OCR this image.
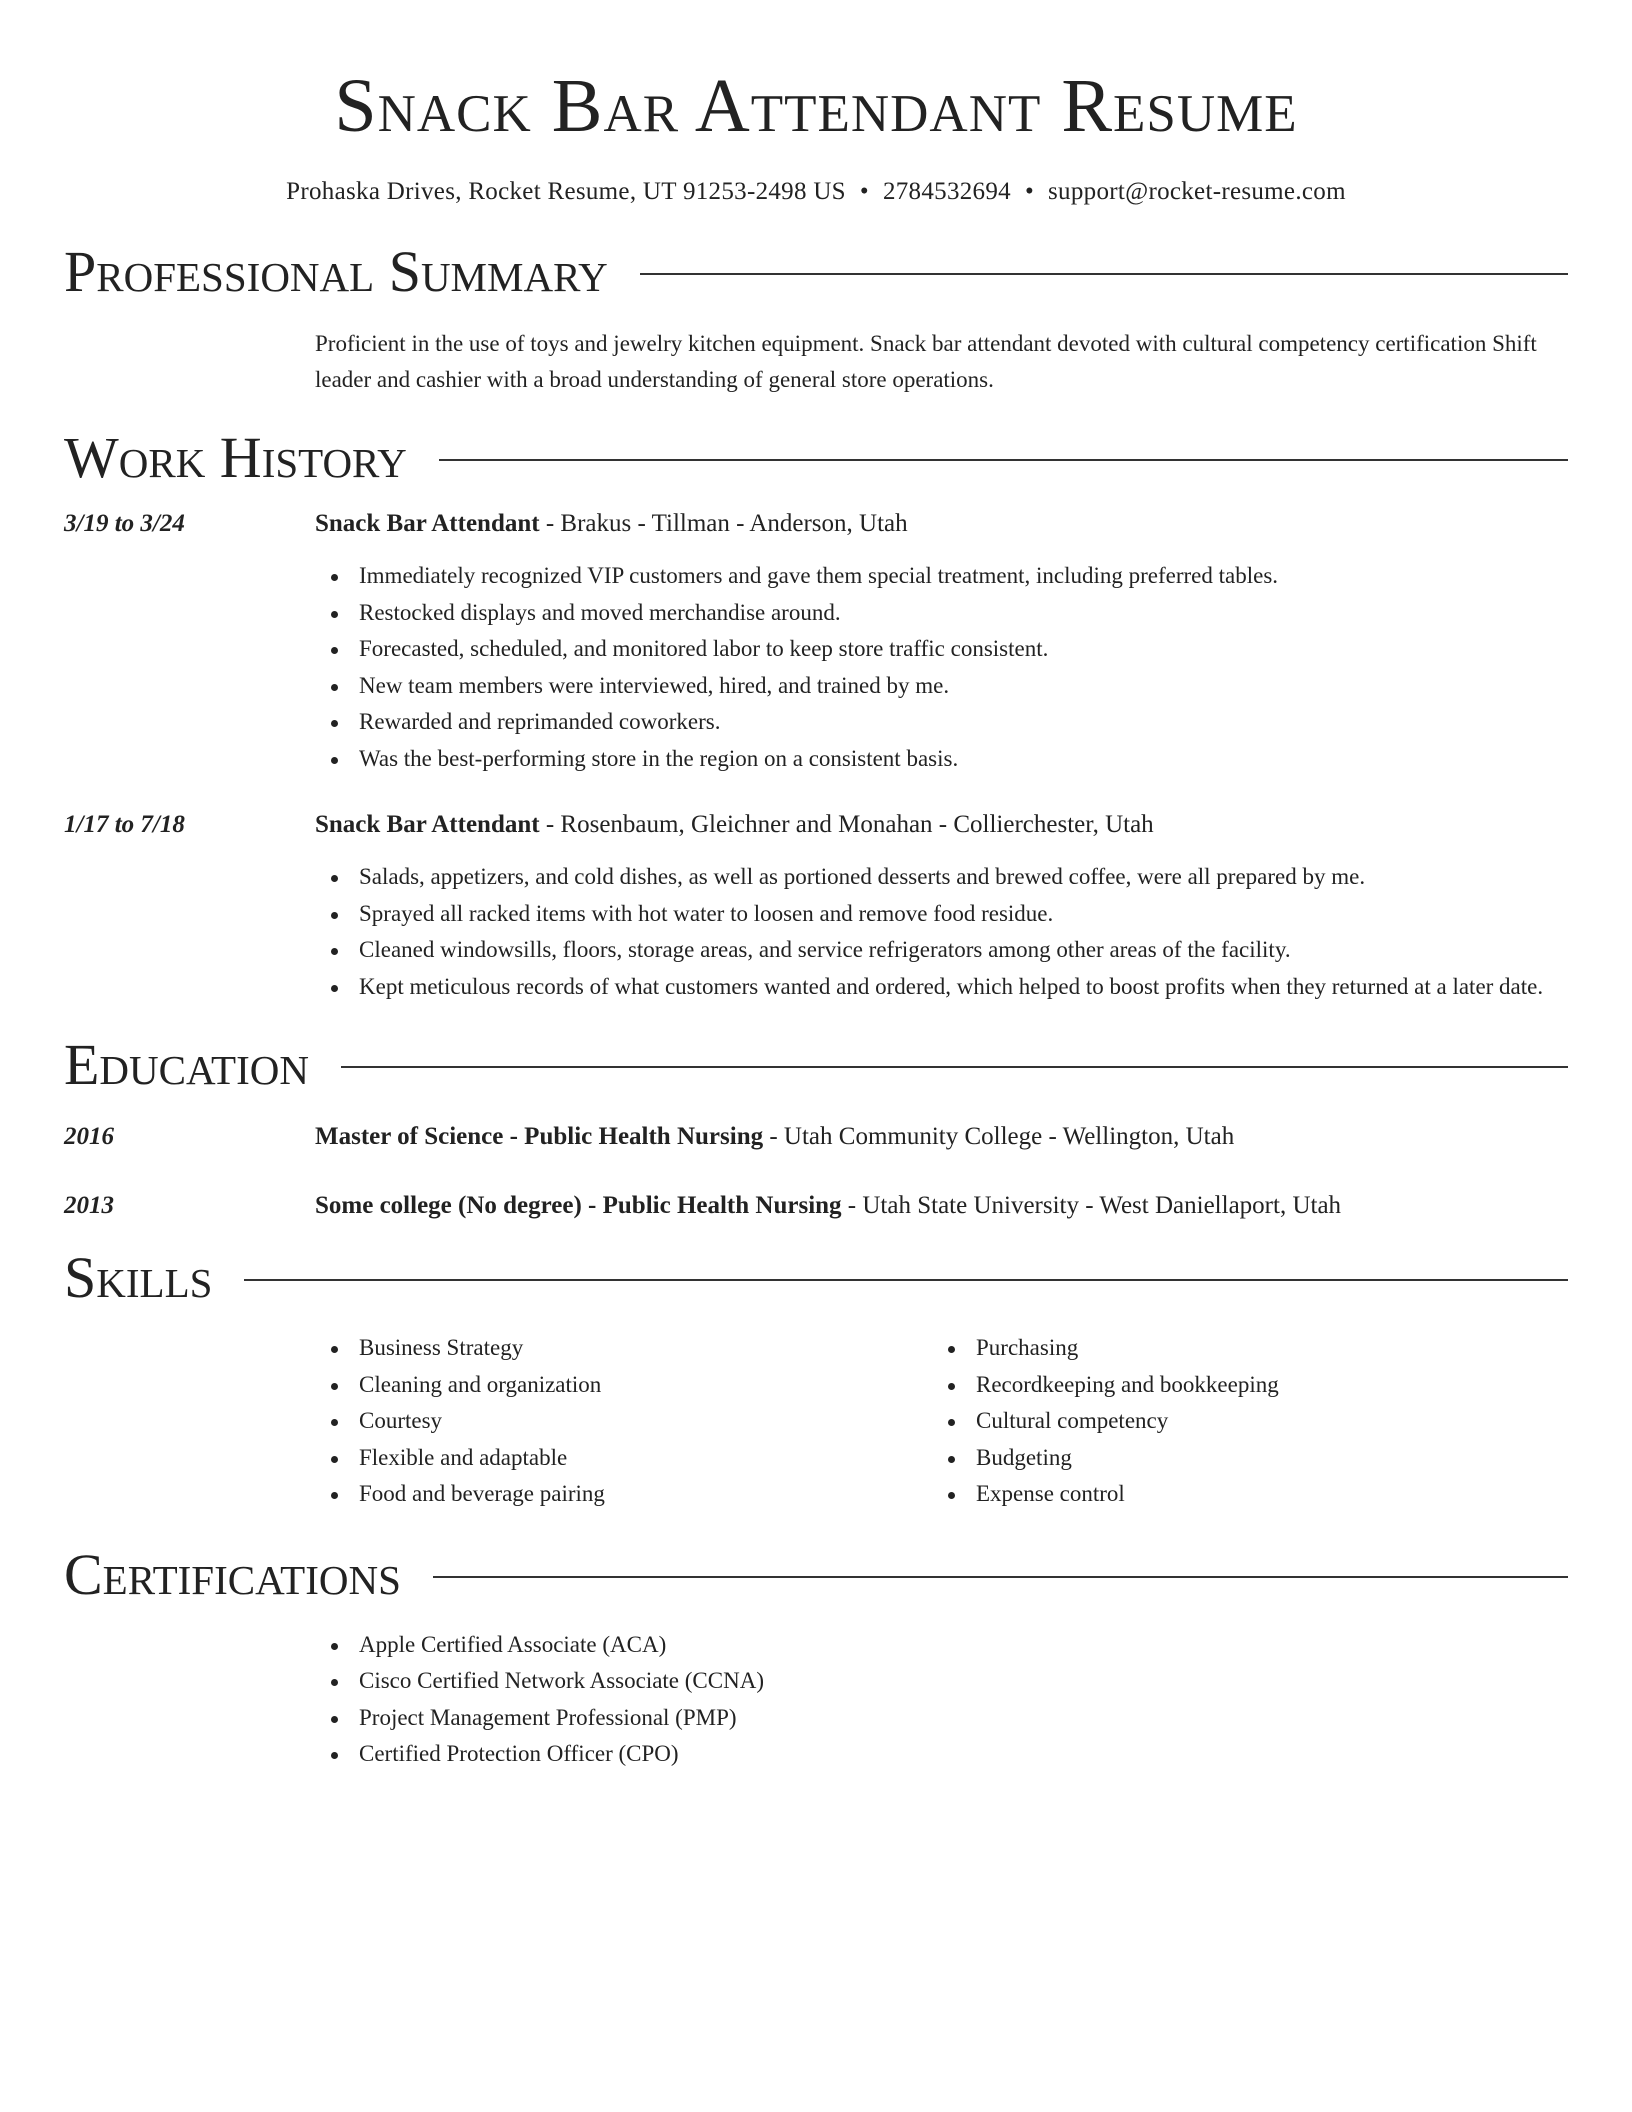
Snack Bar Attendant Resume
Prohaska Drives, Rocket Resume, UT 91253-2498 US • 2784532694 • support@rocket-resume.com
Professional Summary
Proficient in the use of toys and jewelry kitchen equipment. Snack bar attendant devoted with cultural competency certification Shift leader and cashier with a broad understanding of general store operations.
Work History
3/19 to 3/24	Snack Bar Attendant - Brakus - Tillman - Anderson, Utah
Immediately recognized VIP customers and gave them special treatment, including preferred tables.
Restocked displays and moved merchandise around.
Forecasted, scheduled, and monitored labor to keep store traffic consistent.
New team members were interviewed, hired, and trained by me.
Rewarded and reprimanded coworkers.
Was the best-performing store in the region on a consistent basis.
1/17 to 7/18	Snack Bar Attendant - Rosenbaum, Gleichner and Monahan - Collierchester, Utah
Salads, appetizers, and cold dishes, as well as portioned desserts and brewed coffee, were all prepared by me.
Sprayed all racked items with hot water to loosen and remove food residue.
Cleaned windowsills, floors, storage areas, and service refrigerators among other areas of the facility.
Kept meticulous records of what customers wanted and ordered, which helped to boost profits when they returned at a later date.
Education
2016	Master of Science - Public Health Nursing - Utah Community College - Wellington, Utah
2013	Some college (No degree) - Public Health Nursing - Utah State University - West Daniellaport, Utah
Skills
Business Strategy
Cleaning and organization
Courtesy
Flexible and adaptable
Food and beverage pairing
Purchasing
Recordkeeping and bookkeeping
Cultural competency
Budgeting
Expense control
Certifications
Apple Certified Associate (ACA)
Cisco Certified Network Associate (CCNA)
Project Management Professional (PMP)
Certified Protection Officer (CPO)
